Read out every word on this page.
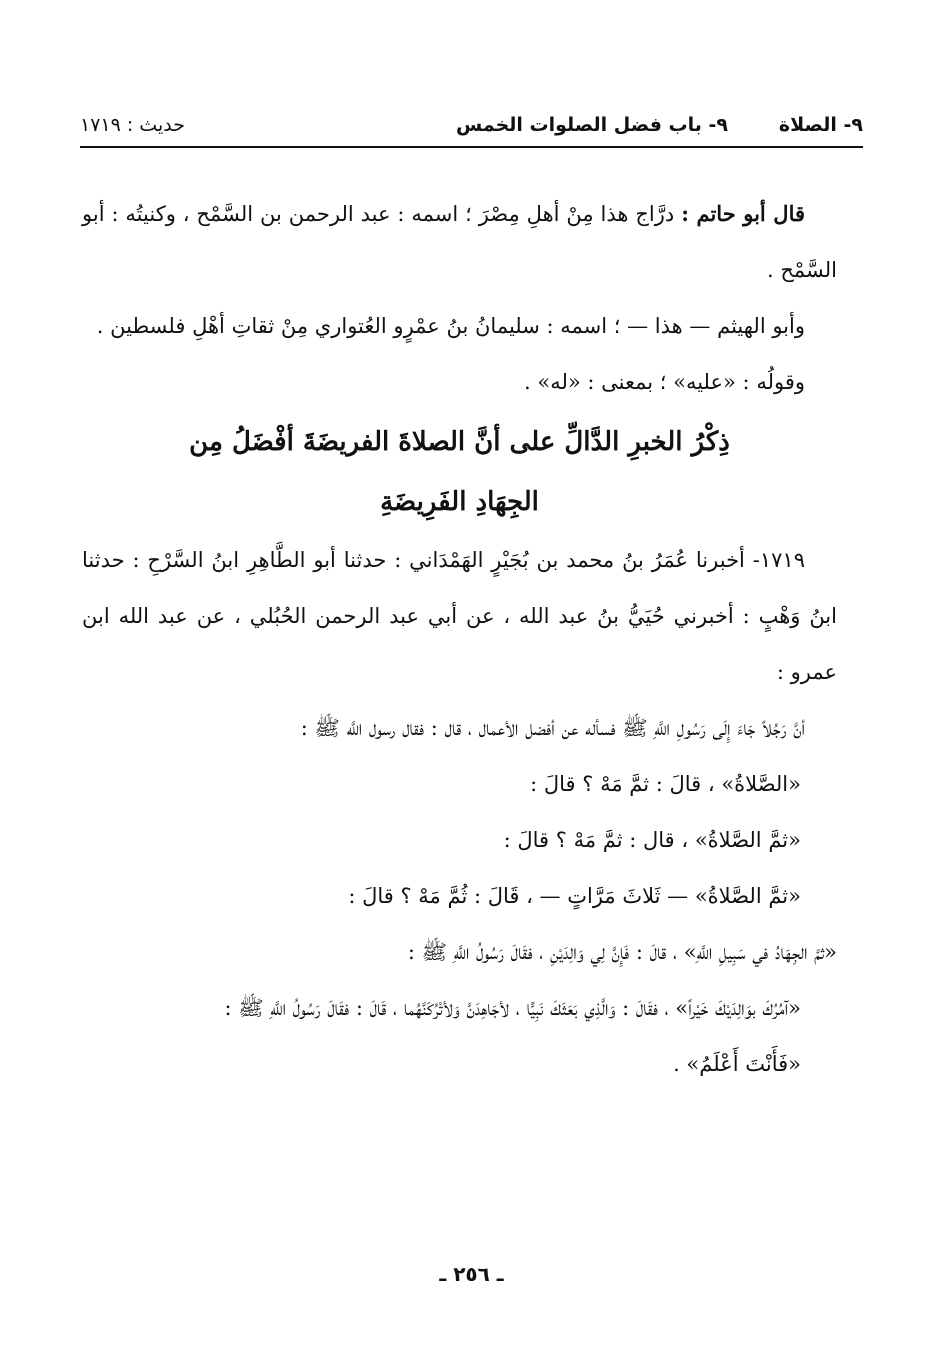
٩- الصلاة
٩- باب فضل الصلوات الخمس
حديث : ١٧١٩

قال أبو حاتم : درَّاج هذا مِنْ أهلِ مِصْرَ ؛ اسمه : عبد الرحمن بن السَّمْح ، وكنيتُه : أبو السَّمْح .

وأبو الهيثم — هذا — ؛ اسمه : سليمانُ بنُ عمْرٍو العُتواري مِنْ ثقاتِ أهْلِ فلسطين .

وقولُه : «عليه» ؛ بمعنى : «له» .

ذِكْرُ الخبرِ الدَّالِّ على أنَّ الصلاةَ الفريضَةَ أفْضَلُ مِن
الجِهَادِ الفَرِيضَةِ

١٧١٩- أخبرنا عُمَرُ بنُ محمد بن بُجَيْرٍ الهَمْدَاني : حدثنا أبو الطَّاهِرِ ابنُ السَّرْحِ : حدثنا ابنُ وَهْبٍ : أخبرني حُيَيُّ بنُ عبد الله ، عن أبي عبد الرحمن الحُبُلي ، عن عبد الله ابن عمرو :

أنَّ رَجُلاً جَاءَ إِلَى رَسُولِ اللَّهِ ﷺ فسأله عن أفضل الأعمال ، قال : فقال رسول اللَّه ﷺ :

«الصَّلاةُ» ، قالَ : ثمَّ مَهْ ؟ قالَ :

«ثمَّ الصَّلاةُ» ، قال : ثمَّ مَهْ ؟ قالَ :

«ثمَّ الصَّلاةُ» — ثَلاثَ مَرَّاتٍ — ، قَالَ : ثُمَّ مَهْ ؟ قالَ :

«ثمَّ الجِهَادُ في سَبِيلِ اللَّهِ» ، قالَ : فَإِنَّ لِي وَالِدَيْنِ ، فقَالَ رَسُولُ اللَّهِ ﷺ :

«آمُرُكَ بوَالِدَيْكَ خَيْراً» ، فقَالَ : وَالَّذِي بَعَثَكَ نَبِيًّا ، لأجَاهِدَنَّ وَلأتْرُكَنَّهُما ، قَالَ : فقَالَ رَسُولُ اللَّهِ ﷺ :

«فَأَنْتَ أَعْلَمُ» .

ـ ٢٥٦ ـ
